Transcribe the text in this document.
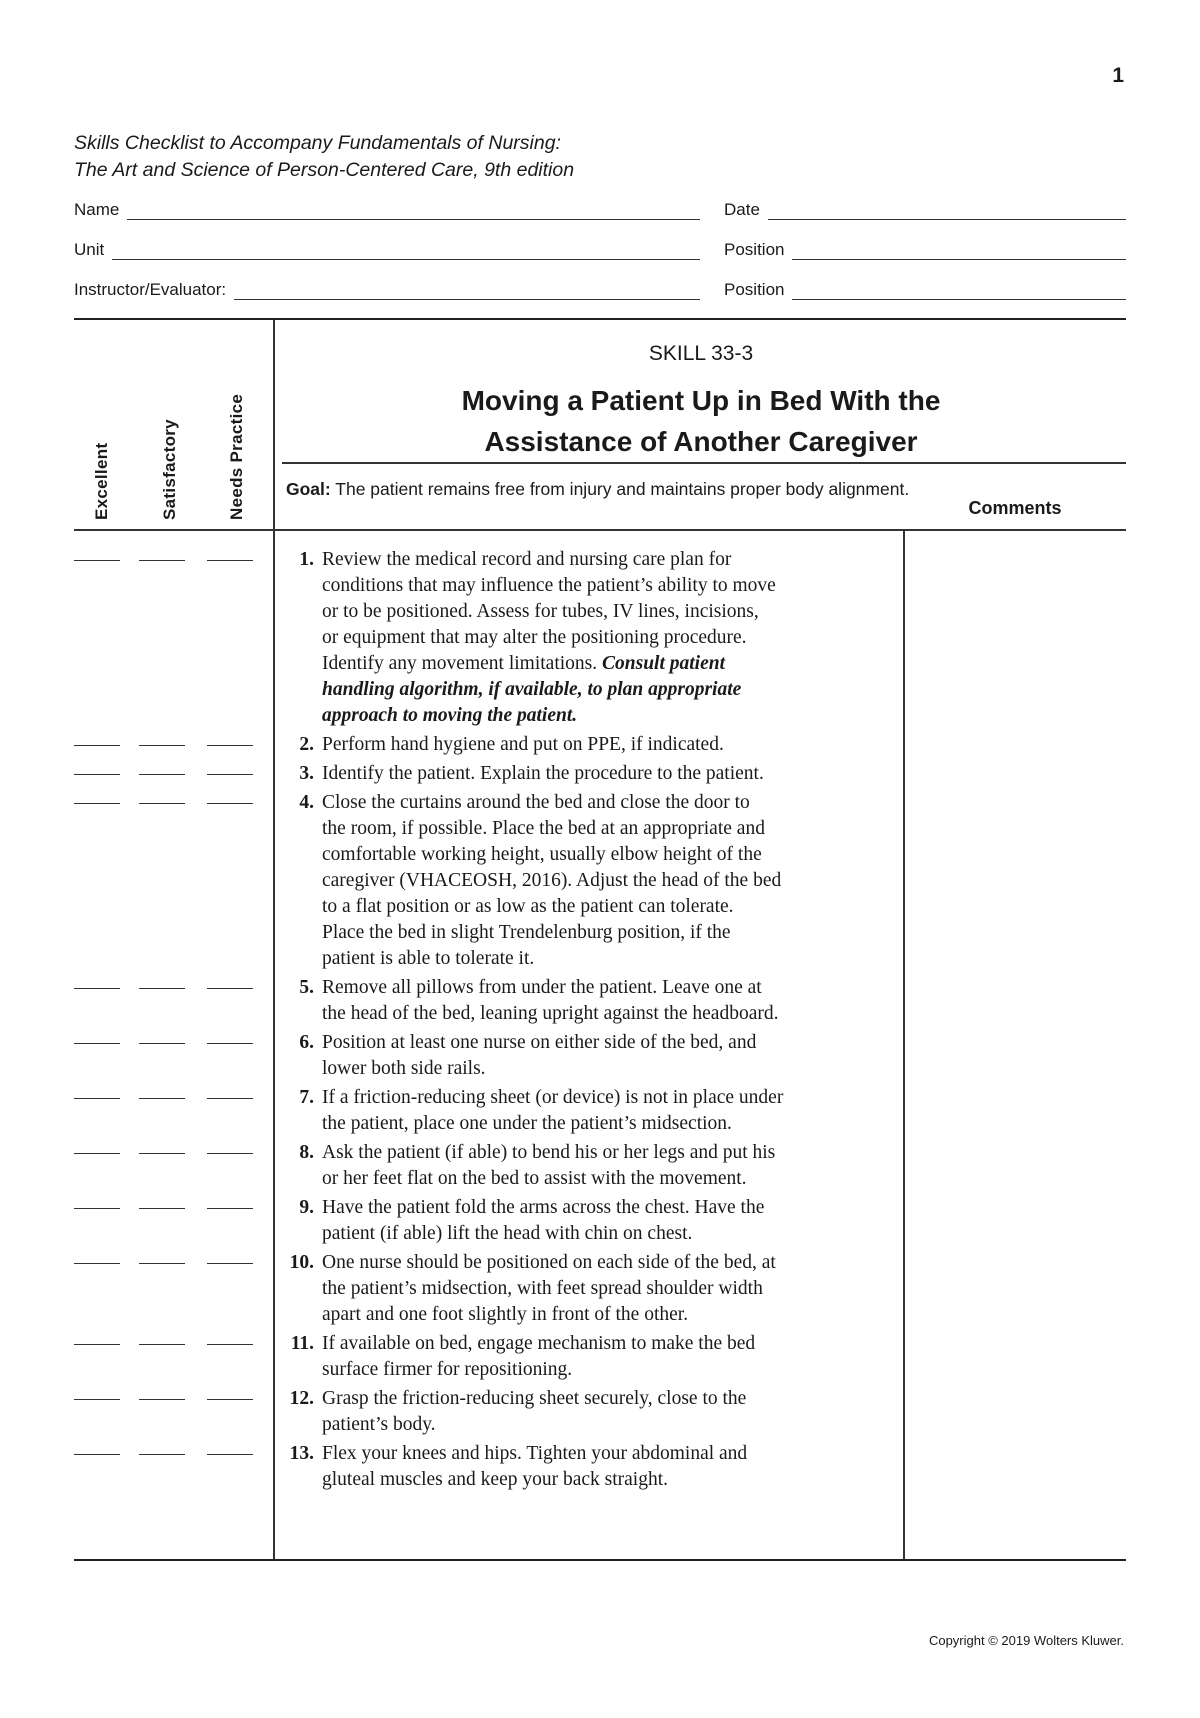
1
Skills Checklist to Accompany Fundamentals of Nursing:
The Art and Science of Person-Centered Care, 9th edition
Name	Date
Unit	Position
Instructor/Evaluator:	Position
Excellent	Satisfactory	Needs Practice
SKILL 33-3
Moving a Patient Up in Bed With the
Assistance of Another Caregiver
Goal: The patient remains free from injury and maintains proper body alignment.
Comments
1. Review the medical record and nursing care plan for
conditions that may influence the patient’s ability to move
or to be positioned. Assess for tubes, IV lines, incisions,
or equipment that may alter the positioning procedure.
Identify any movement limitations. Consult patient
handling algorithm, if available, to plan appropriate
approach to moving the patient.
2. Perform hand hygiene and put on PPE, if indicated.
3. Identify the patient. Explain the procedure to the patient.
4. Close the curtains around the bed and close the door to
the room, if possible. Place the bed at an appropriate and
comfortable working height, usually elbow height of the
caregiver (VHACEOSH, 2016). Adjust the head of the bed
to a flat position or as low as the patient can tolerate.
Place the bed in slight Trendelenburg position, if the
patient is able to tolerate it.
5. Remove all pillows from under the patient. Leave one at
the head of the bed, leaning upright against the headboard.
6. Position at least one nurse on either side of the bed, and
lower both side rails.
7. If a friction-reducing sheet (or device) is not in place under
the patient, place one under the patient’s midsection.
8. Ask the patient (if able) to bend his or her legs and put his
or her feet flat on the bed to assist with the movement.
9. Have the patient fold the arms across the chest. Have the
patient (if able) lift the head with chin on chest.
10. One nurse should be positioned on each side of the bed, at
the patient’s midsection, with feet spread shoulder width
apart and one foot slightly in front of the other.
11. If available on bed, engage mechanism to make the bed
surface firmer for repositioning.
12. Grasp the friction-reducing sheet securely, close to the
patient’s body.
13. Flex your knees and hips. Tighten your abdominal and
gluteal muscles and keep your back straight.
Copyright © 2019 Wolters Kluwer.
